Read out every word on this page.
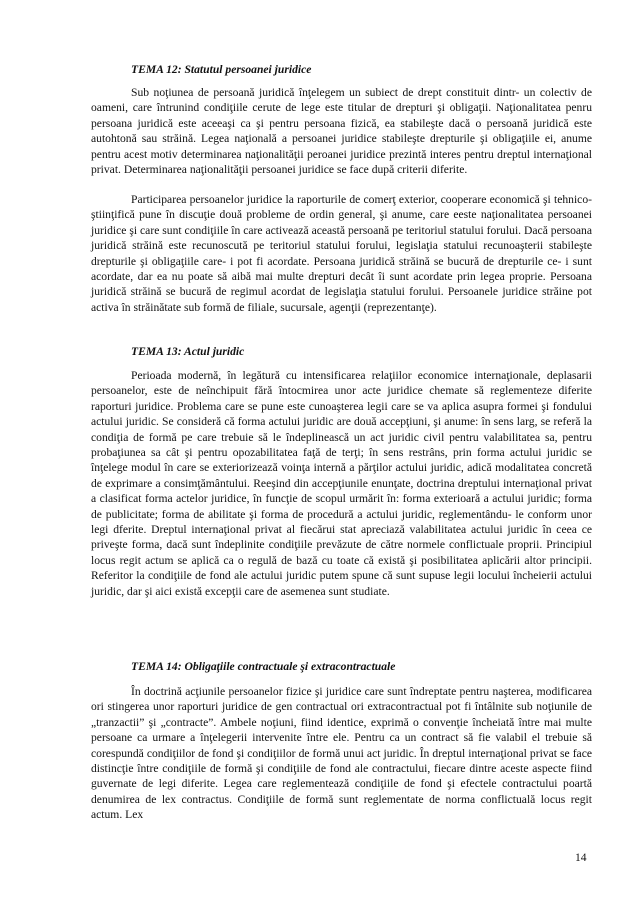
TEMA 12: Statutul persoanei juridice

Sub noţiunea de persoană juridică înţelegem un subiect de drept constituit dintr- un colectiv de oameni, care întrunind condiţiile cerute de lege este titular de drepturi şi obligaţii. Naţionalitatea penru persoana juridică este aceeaşi ca şi pentru persoana fizică, ea stabileşte dacă o persoană juridică este autohtonă sau străină. Legea naţională a persoanei juridice stabileşte drepturile şi obligaţiile ei, anume pentru acest motiv determinarea naţionalităţii peroanei juridice prezintă interes pentru dreptul internaţional privat. Determinarea naţionalităţii persoanei juridice se face după criterii diferite.

Participarea persoanelor juridice la raporturile de comerţ exterior, cooperare economică şi tehnico- ştiinţifică pune în discuţie două probleme de ordin general, şi anume, care eeste naţionalitatea persoanei juridice şi care sunt condiţiile în care activează această persoană pe teritoriul statului forului. Dacă persoana juridică străină este recunoscută pe teritoriul statului forului, legislaţia statului recunoaşterii stabileşte drepturile şi obligaţiile care- i pot fi acordate. Persoana juridică străină se bucură de drepturile ce- i sunt acordate, dar ea nu poate să aibă mai multe drepturi decât îi sunt acordate prin legea proprie. Persoana juridică străină se bucură de regimul acordat de legislaţia statului forului. Persoanele juridice străine pot activa în străinătate sub formă de filiale, sucursale, agenţii (reprezentanţe).

TEMA 13: Actul juridic

Perioada modernă, în legătură cu intensificarea relaţiilor economice internaţionale, deplasarii persoanelor, este de neînchipuit fără întocmirea unor acte juridice chemate să reglementeze diferite raporturi juridice. Problema care se pune este cunoaşterea legii care se va aplica asupra formei şi fondului actului juridic. Se consideră că forma actului juridic are două accepţiuni, şi anume: în sens larg, se referă la condiţia de formă pe care trebuie să le îndeplinească un act juridic civil pentru valabilitatea sa, pentru probaţiunea sa cât şi pentru opozabilitatea faţă de terţi; în sens restrâns, prin forma actului juridic se înţelege modul în care se exteriorizează voinţa internă a părţilor actului juridic, adică modalitatea concretă de exprimare a consimţământului. Reeşind din accepţiunile enunţate, doctrina dreptului internaţional privat a clasificat forma actelor juridice, în funcţie de scopul urmărit în: forma exterioară a actului juridic; forma de publicitate; forma de abilitate şi forma de procedură a actului juridic, reglementându- le conform unor legi dferite. Dreptul internaţional privat al fiecărui stat apreciază valabilitatea actului juridic în ceea ce priveşte forma, dacă sunt îndeplinite condiţiile prevăzute de către normele conflictuale proprii. Principiul locus regit actum se aplică ca o regulă de bază cu toate că există şi posibilitatea aplicării altor principii. Referitor la condiţiile de fond ale actului juridic putem spune că sunt supuse legii locului încheierii actului juridic, dar şi aici există excepţii care de asemenea sunt studiate.

TEMA 14: Obligaţiile contractuale şi extracontractuale

În doctrină acţiunile persoanelor fizice şi juridice care sunt îndreptate pentru naşterea, modificarea ori stingerea unor raporturi juridice de gen contractual ori extracontractual pot fi întâlnite sub noţiunile de „tranzactii” şi „contracte”. Ambele noţiuni, fiind identice, exprimă o convenţie încheiată între mai multe persoane ca urmare a înţelegerii intervenite între ele. Pentru ca un contract să fie valabil el trebuie să corespundă condiţiilor de fond şi condiţiilor de formă unui act juridic. În dreptul internaţional privat se face distincţie între condiţiile de formă şi condiţiile de fond ale contractului, fiecare dintre aceste aspecte fiind guvernate de legi diferite. Legea care reglementează condiţiile de fond şi efectele contractului poartă denumirea de lex contractus. Condiţiile de formă sunt reglementate de norma conflictuală locus regit actum. Lex

14
